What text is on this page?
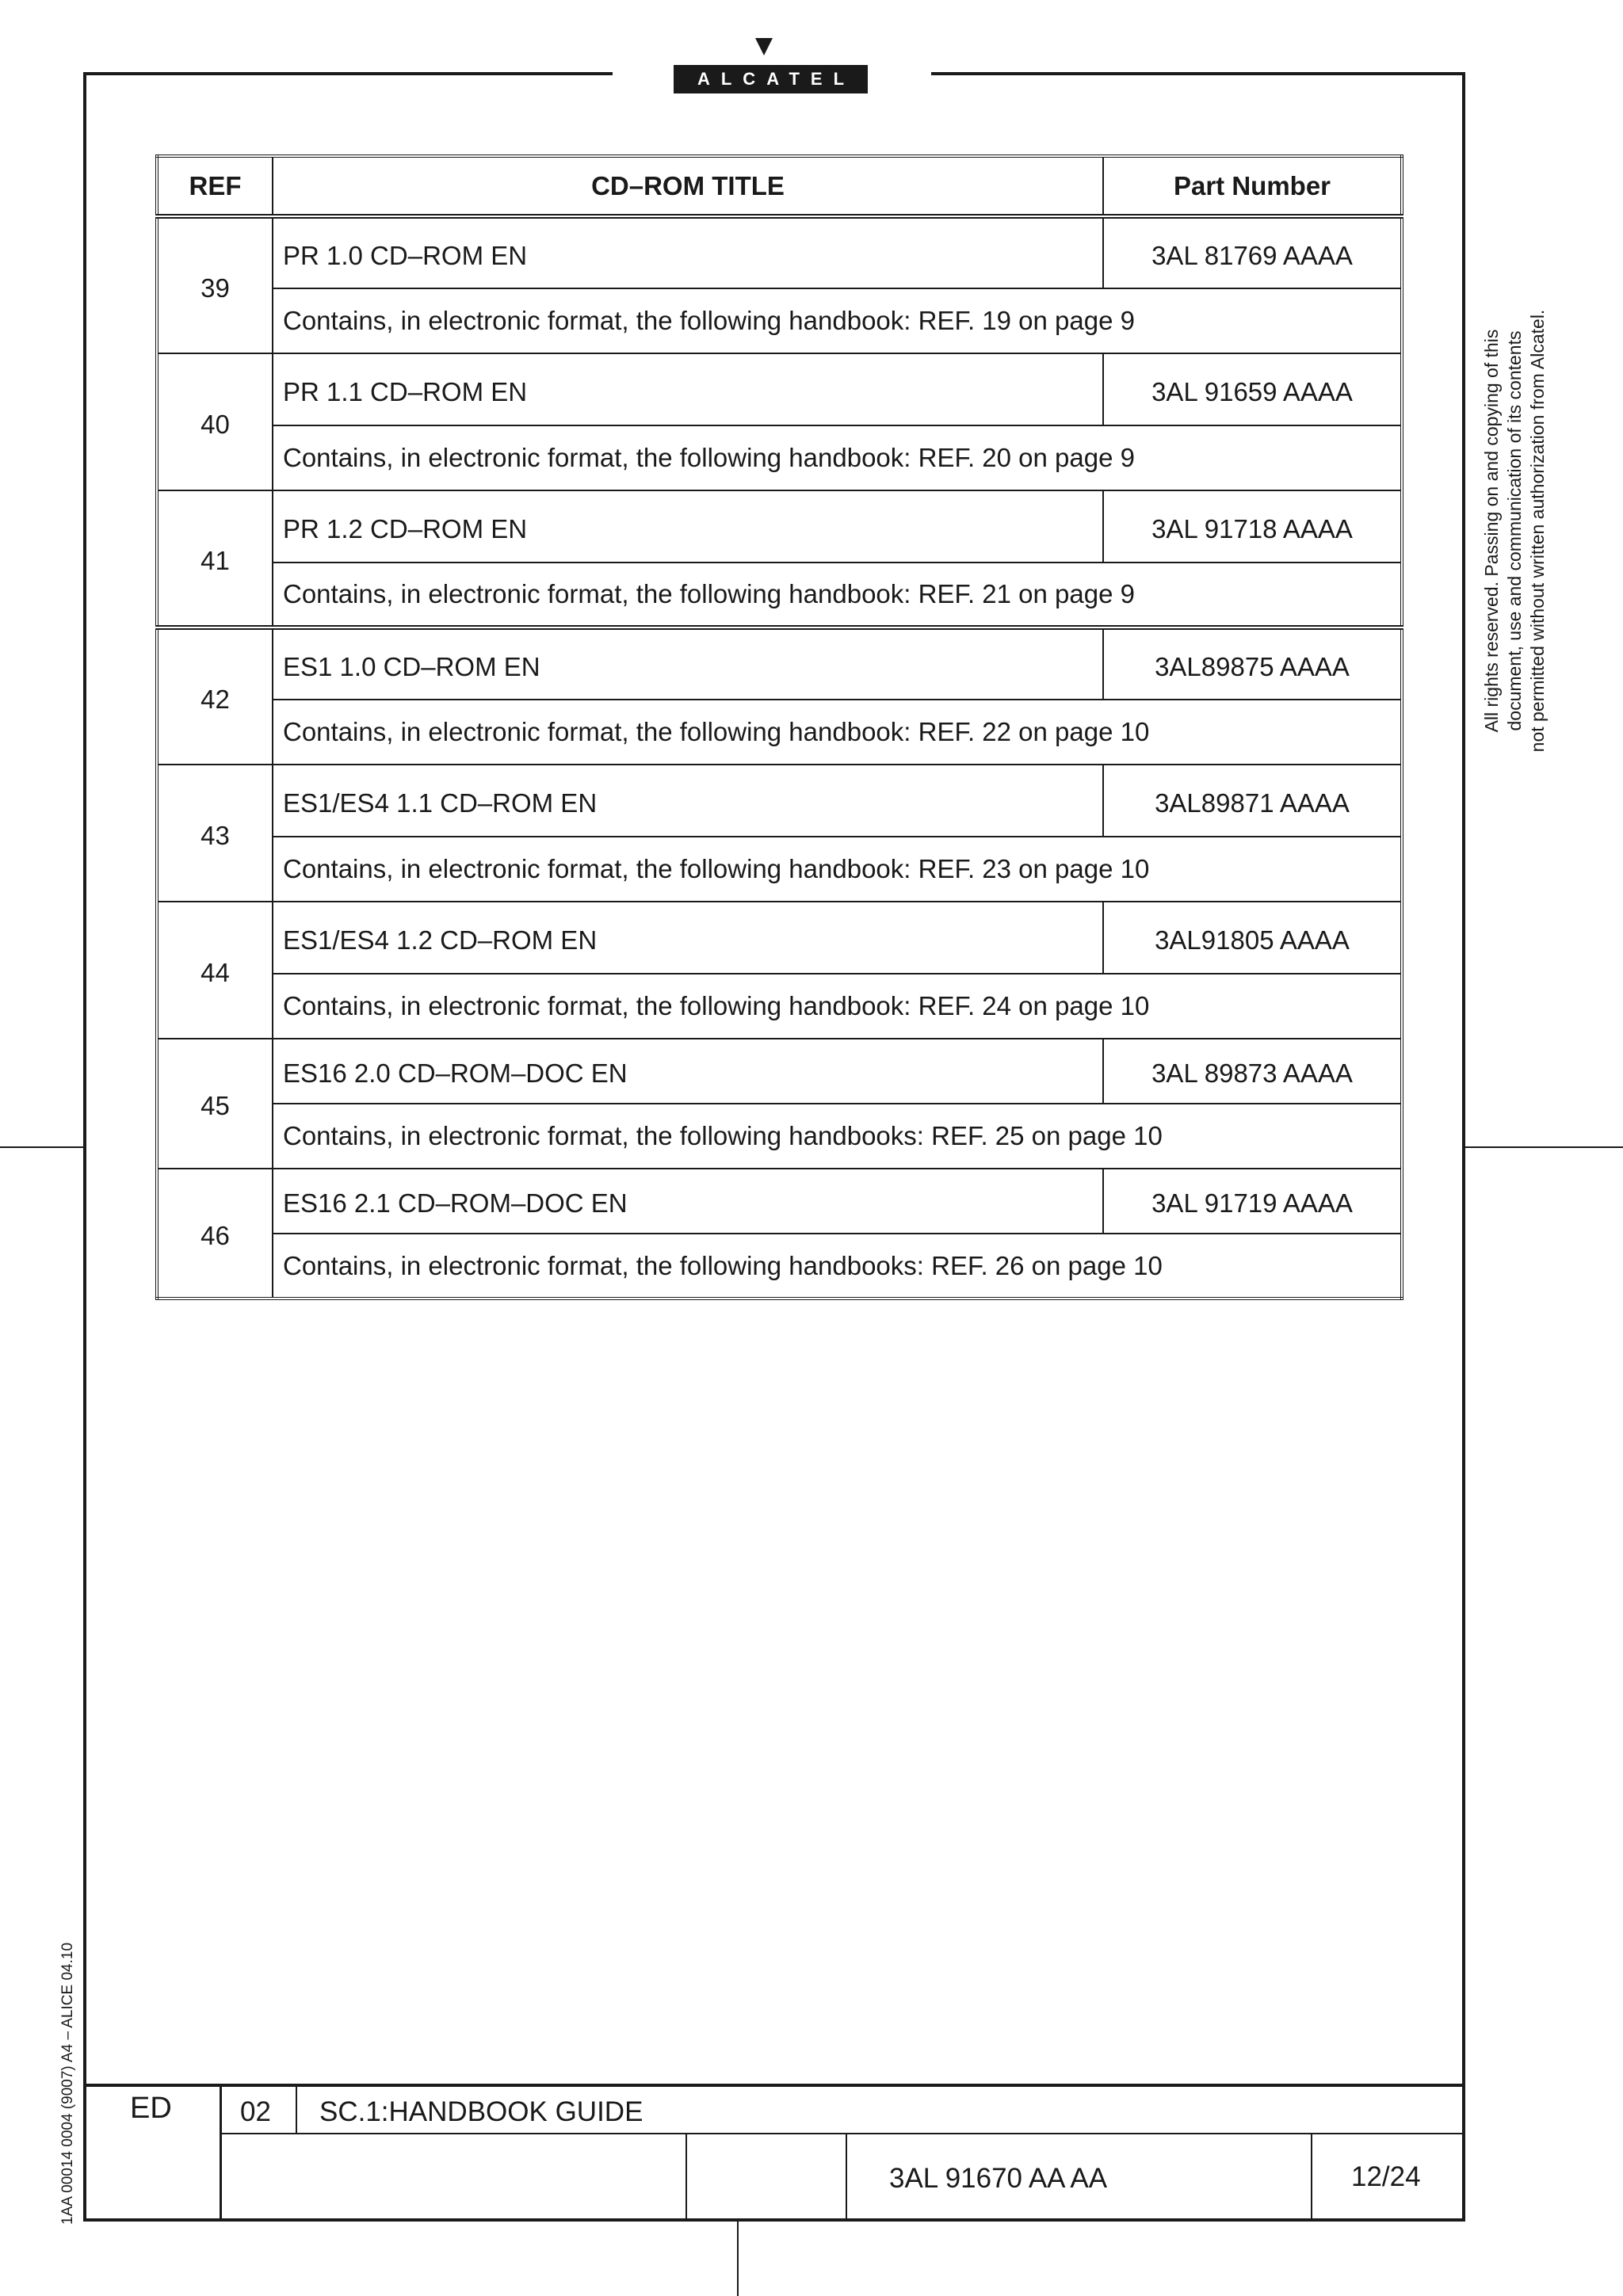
ALCATEL
REF	CD–ROM TITLE	Part Number
39	PR 1.0 CD–ROM EN	3AL 81769 AAAA
	Contains, in electronic format, the following handbook: REF. 19 on page 9	
40	PR 1.1 CD–ROM EN	3AL 91659 AAAA
	Contains, in electronic format, the following handbook: REF. 20 on page 9	
41	PR 1.2 CD–ROM EN	3AL 91718 AAAA
	Contains, in electronic format, the following handbook: REF. 21 on page 9	
42	ES1 1.0 CD–ROM EN	3AL89875 AAAA
	Contains, in electronic format, the following handbook: REF. 22 on page 10	
43	ES1/ES4 1.1 CD–ROM EN	3AL89871 AAAA
	Contains, in electronic format, the following handbook: REF. 23 on page 10	
44	ES1/ES4 1.2 CD–ROM EN	3AL91805 AAAA
	Contains, in electronic format, the following handbook: REF. 24 on page 10	
45	ES16 2.0 CD–ROM–DOC EN	3AL 89873 AAAA
	Contains, in electronic format, the following handbooks: REF. 25 on page 10	
46	ES16 2.1 CD–ROM–DOC EN	3AL 91719 AAAA
	Contains, in electronic format, the following handbooks: REF. 26 on page 10	
All rights reserved. Passing on and copying of this document, use and communication of its contents not permitted without written authorization from Alcatel.
1AA 00014 0004 (9007) A4 – ALICE 04.10 ED 02 SC.1:HANDBOOK GUIDE
3AL 91670 AA AA	12/24
